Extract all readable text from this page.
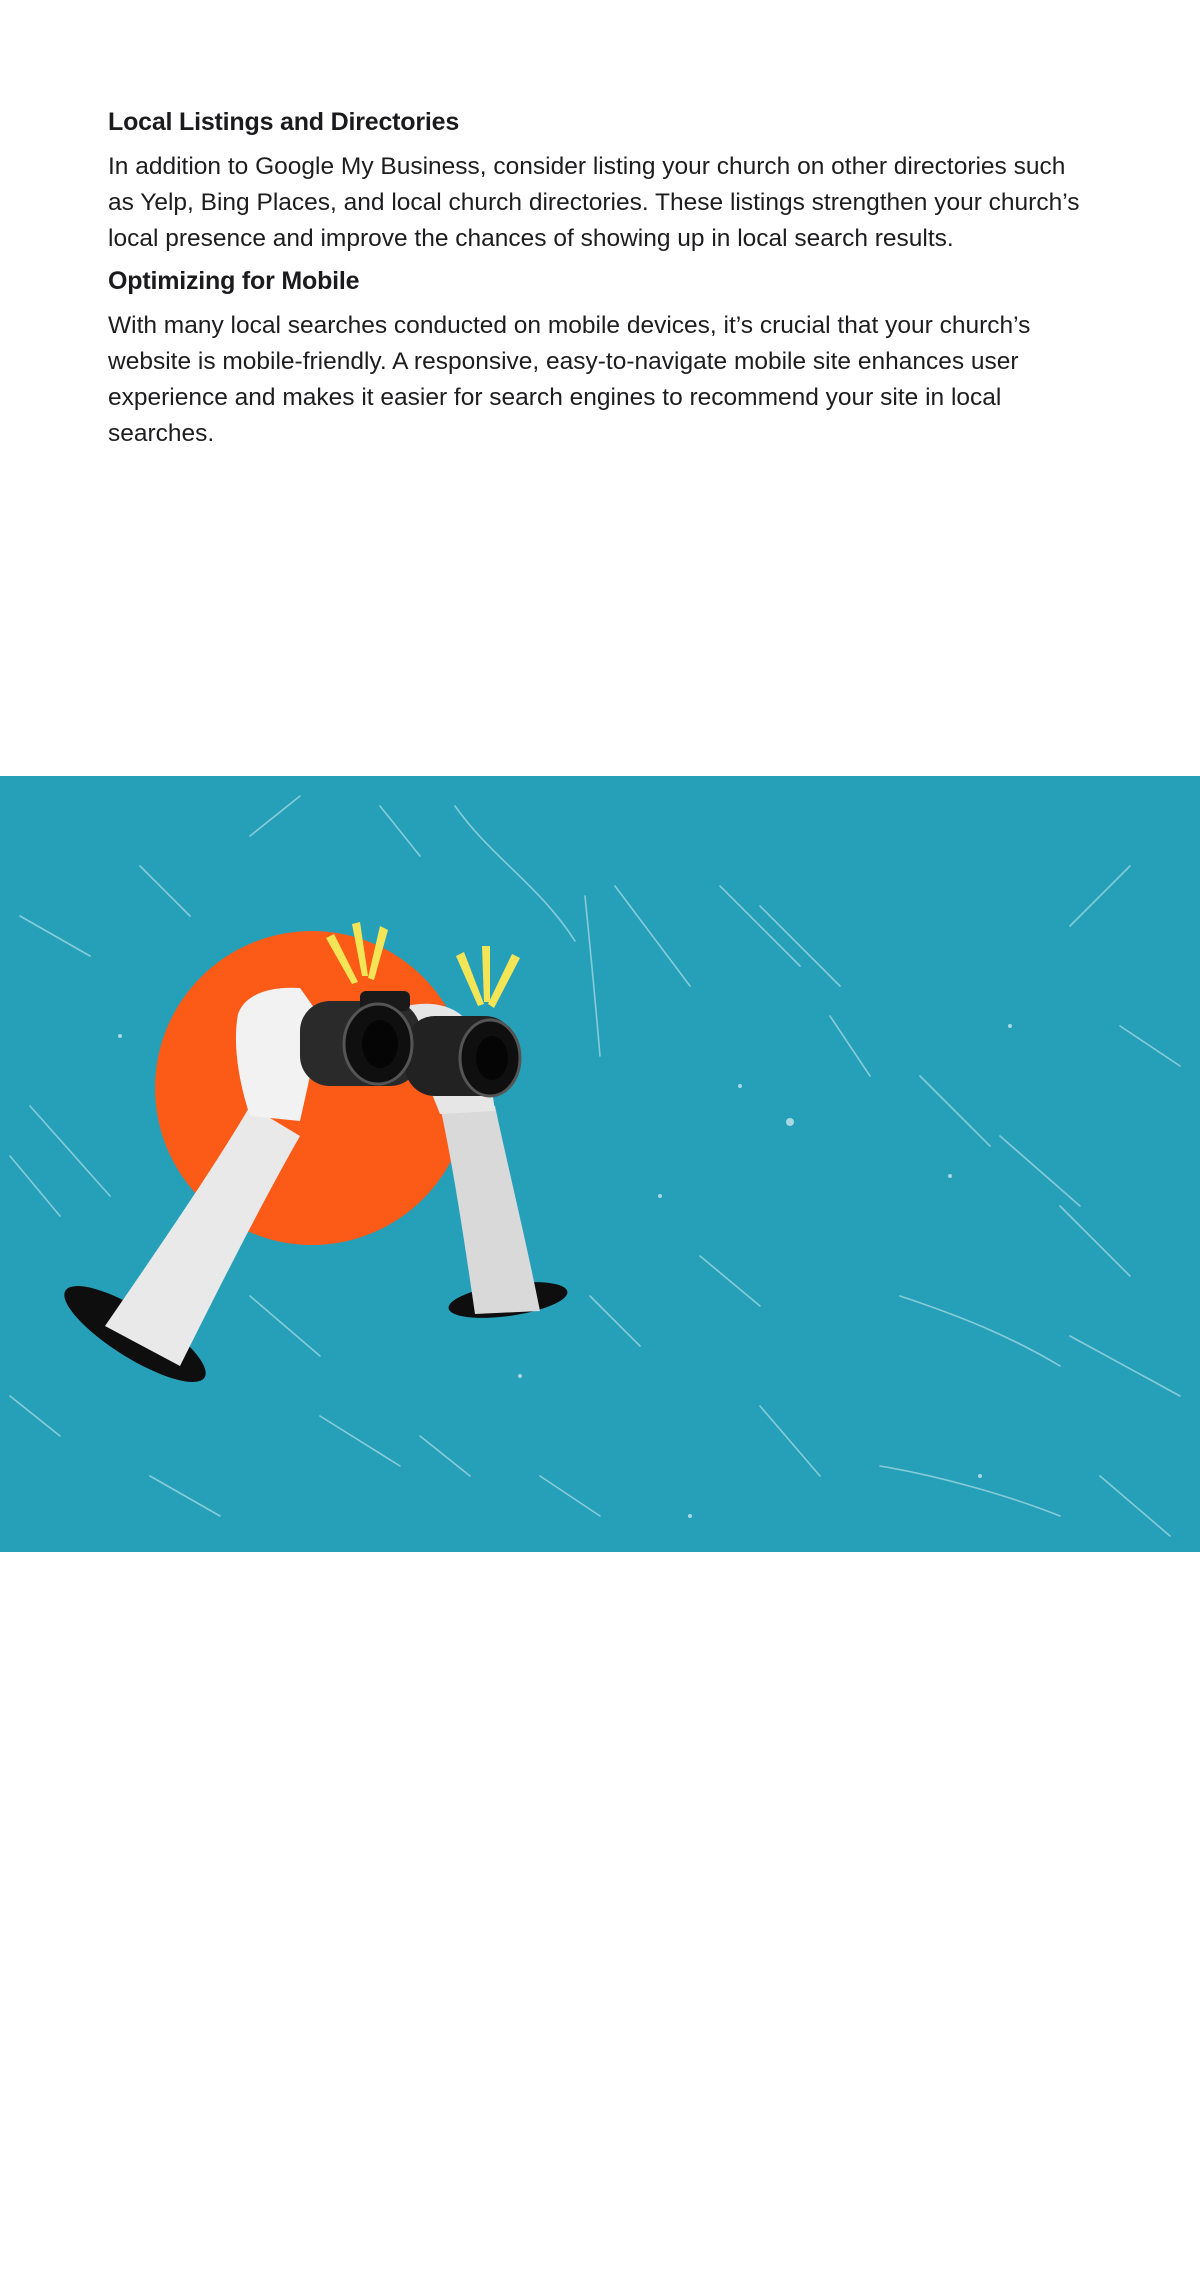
Local Listings and Directories

In addition to Google My Business, consider listing your church on other directories such as Yelp, Bing Places, and local church directories. These listings strengthen your church’s local presence and improve the chances of showing up in local search results.

Optimizing for Mobile

With many local searches conducted on mobile devices, it’s crucial that your church’s website is mobile-friendly. A responsive, easy-to-navigate mobile site enhances user experience and makes it easier for search engines to recommend your site in local searches.

14
